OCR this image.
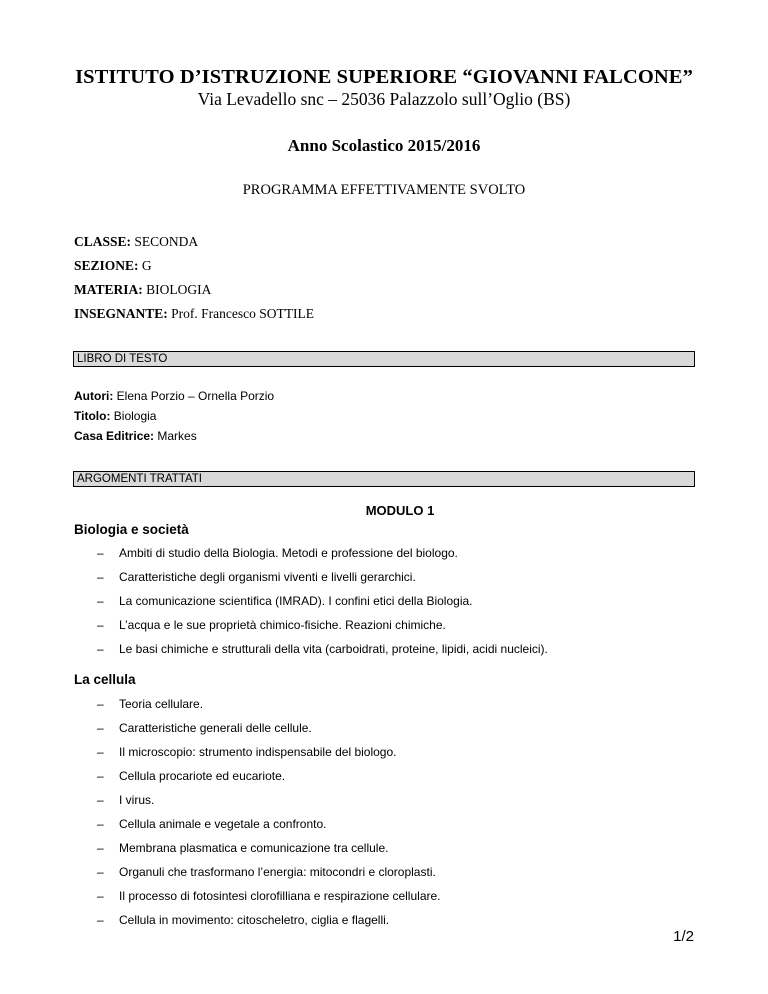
ISTITUTO D’ISTRUZIONE SUPERIORE “GIOVANNI FALCONE”
Via Levadello snc – 25036 Palazzolo sull’Oglio (BS)
Anno Scolastico 2015/2016
PROGRAMMA EFFETTIVAMENTE SVOLTO
CLASSE: SECONDA
SEZIONE: G
MATERIA: BIOLOGIA
INSEGNANTE: Prof. Francesco SOTTILE
LIBRO DI TESTO
Autori: Elena Porzio – Ornella Porzio
Titolo: Biologia
Casa Editrice: Markes
ARGOMENTI TRATTATI
MODULO 1
Biologia e società
– Ambiti di studio della Biologia. Metodi e professione del biologo.
– Caratteristiche degli organismi viventi e livelli gerarchici.
– La comunicazione scientifica (IMRAD). I confini etici della Biologia.
– L’acqua e le sue proprietà chimico-fisiche. Reazioni chimiche.
– Le basi chimiche e strutturali della vita (carboidrati, proteine, lipidi, acidi nucleici).
La cellula
– Teoria cellulare.
– Caratteristiche generali delle cellule.
– Il microscopio: strumento indispensabile del biologo.
– Cellula procariote ed eucariote.
– I virus.
– Cellula animale e vegetale a confronto.
– Membrana plasmatica e comunicazione tra cellule.
– Organuli che trasformano l’energia: mitocondri e cloroplasti.
– Il processo di fotosintesi clorofilliana e respirazione cellulare.
– Cellula in movimento: citoscheletro, ciglia e flagelli.
1/2
